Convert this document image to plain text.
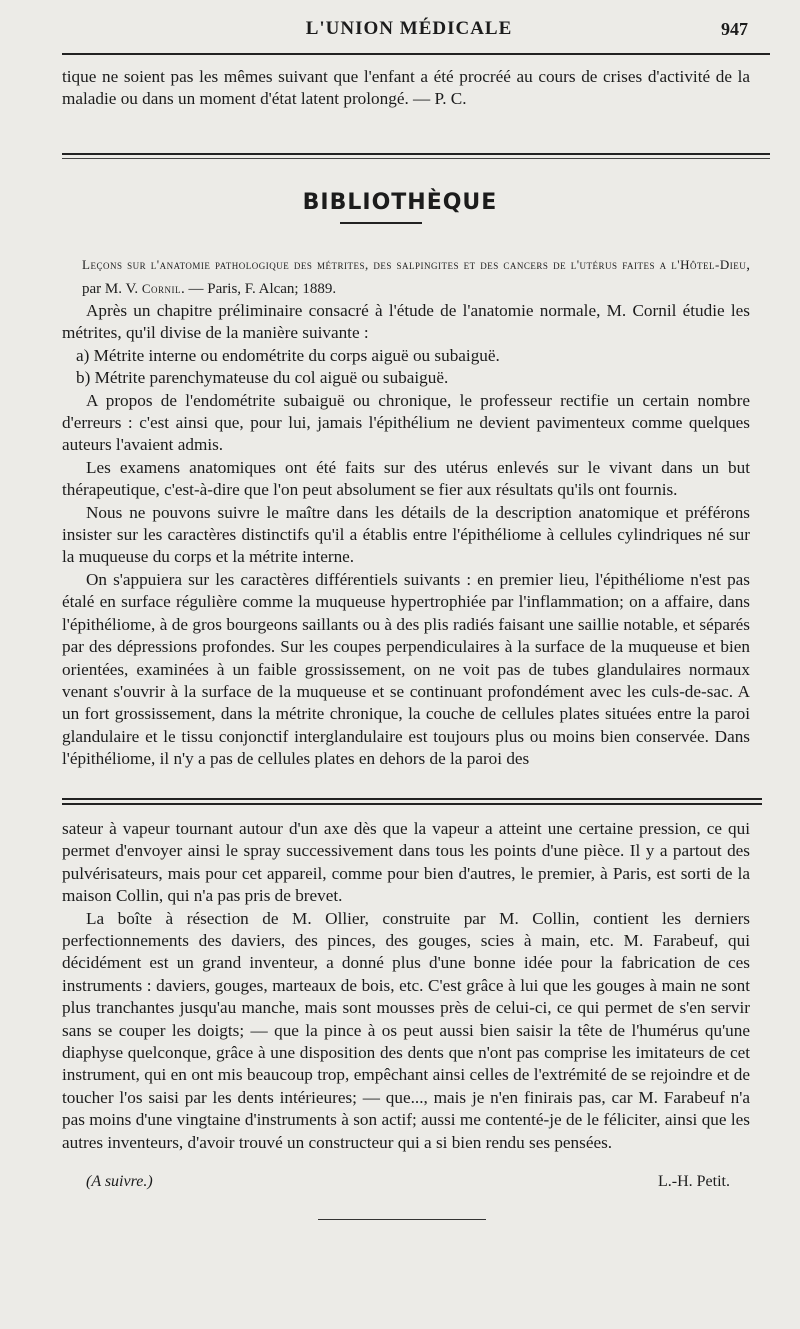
L'UNION MÉDICALE	947

tique ne soient pas les mêmes suivant que l'enfant a été procréé au cours de crises d'activité de la maladie ou dans un moment d'état latent prolongé. — P. C.

BIBLIOTHÈQUE
Leçons sur l'anatomie pathologique des métrites, des salpingites et des cancers de l'utérus faites a l'Hôtel-Dieu, par M. V. Cornil. — Paris, F. Alcan; 1889.

Après un chapitre préliminaire consacré à l'étude de l'anatomie normale, M. Cornil étudie les métrites, qu'il divise de la manière suivante :

a) Métrite interne ou endométrite du corps aiguë ou subaiguë.

b) Métrite parenchymateuse du col aiguë ou subaiguë.

A propos de l'endométrite subaiguë ou chronique, le professeur rectifie un certain nombre d'erreurs : c'est ainsi que, pour lui, jamais l'épithélium ne devient pavimenteux comme quelques auteurs l'avaient admis.

Les examens anatomiques ont été faits sur des utérus enlevés sur le vivant dans un but thérapeutique, c'est-à-dire que l'on peut absolument se fier aux résultats qu'ils ont fournis.

Nous ne pouvons suivre le maître dans les détails de la description anatomique et préférons insister sur les caractères distinctifs qu'il a établis entre l'épithéliome à cellules cylindriques né sur la muqueuse du corps et la métrite interne.

On s'appuiera sur les caractères différentiels suivants : en premier lieu, l'épithéliome n'est pas étalé en surface régulière comme la muqueuse hypertrophiée par l'inflammation; on a affaire, dans l'épithéliome, à de gros bourgeons saillants ou à des plis radiés faisant une saillie notable, et séparés par des dépressions profondes. Sur les coupes perpendiculaires à la surface de la muqueuse et bien orientées, examinées à un faible grossissement, on ne voit pas de tubes glandulaires normaux venant s'ouvrir à la surface de la muqueuse et se continuant profondément avec les culs-de-sac. A un fort grossissement, dans la métrite chronique, la couche de cellules plates situées entre la paroi glandulaire et le tissu conjonctif interglandulaire est toujours plus ou moins bien conservée. Dans l'épithéliome, il n'y a pas de cellules plates en dehors de la paroi des

sateur à vapeur tournant autour d'un axe dès que la vapeur a atteint une certaine pression, ce qui permet d'envoyer ainsi le spray successivement dans tous les points d'une pièce. Il y a partout des pulvérisateurs, mais pour cet appareil, comme pour bien d'autres, le premier, à Paris, est sorti de la maison Collin, qui n'a pas pris de brevet.

La boîte à résection de M. Ollier, construite par M. Collin, contient les derniers perfectionnements des daviers, des pinces, des gouges, scies à main, etc. M. Farabeuf, qui décidément est un grand inventeur, a donné plus d'une bonne idée pour la fabrication de ces instruments : daviers, gouges, marteaux de bois, etc. C'est grâce à lui que les gouges à main ne sont plus tranchantes jusqu'au manche, mais sont mousses près de celui-ci, ce qui permet de s'en servir sans se couper les doigts; — que la pince à os peut aussi bien saisir la tête de l'humérus qu'une diaphyse quelconque, grâce à une disposition des dents que n'ont pas comprise les imitateurs de cet instrument, qui en ont mis beaucoup trop, empêchant ainsi celles de l'extrémité de se rejoindre et de toucher l'os saisi par les dents intérieures; — que..., mais je n'en finirais pas, car M. Farabeuf n'a pas moins d'une vingtaine d'instruments à son actif; aussi me contenté-je de le féliciter, ainsi que les autres inventeurs, d'avoir trouvé un constructeur qui a si bien rendu ses pensées.

(A suivre.)	L.-H. Petit.
